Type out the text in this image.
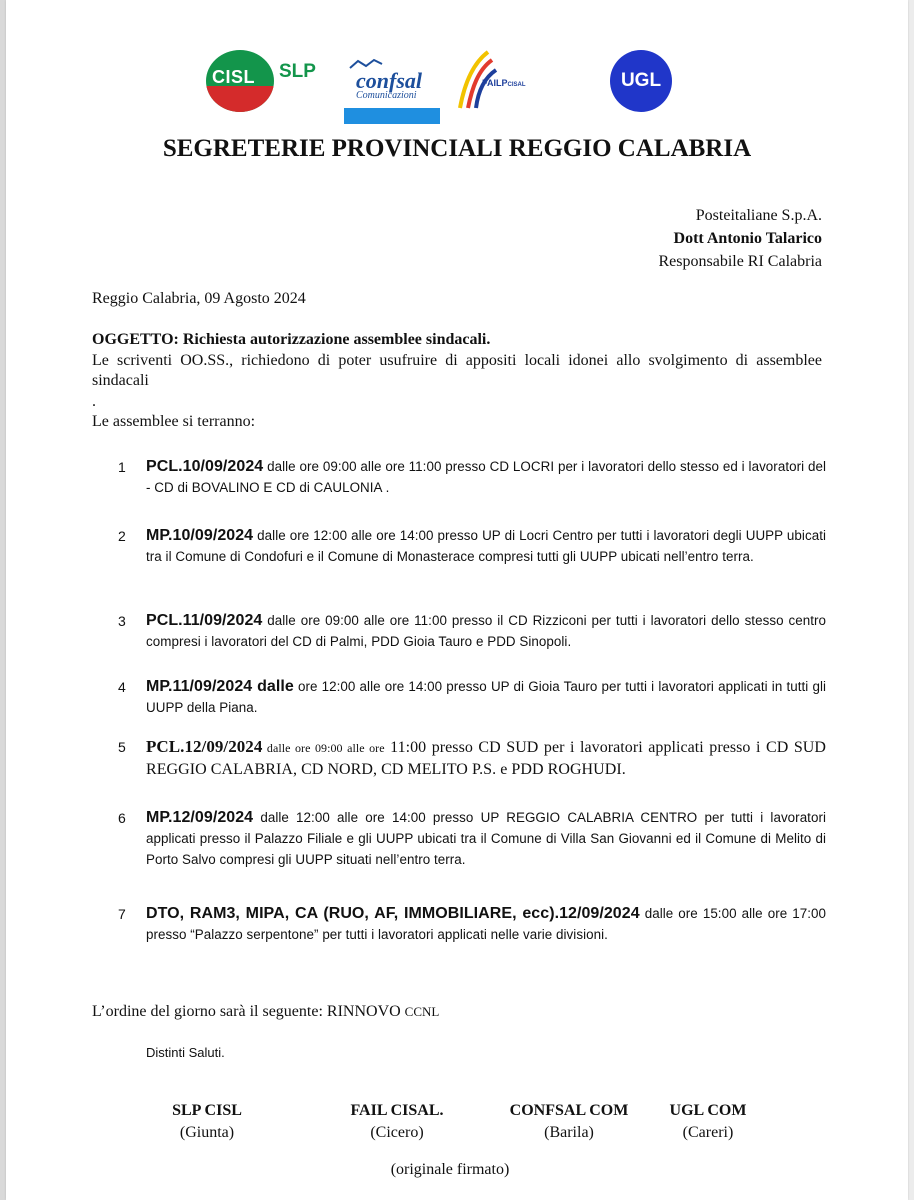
CISL SLP confsal
Comunicazioni
FAILPCISAL	UGL
SEGRETERIE PROVINCIALI REGGIO CALABRIA
Posteitaliane S.p.A.
Dott Antonio Talarico
Responsabile RI Calabria
Reggio Calabria, 09 Agosto 2024
OGGETTO: Richiesta autorizzazione assemblee sindacali.
Le scriventi OO.SS., richiedono di poter usufruire di appositi locali idonei allo svolgimento di assemblee sindacali
.
Le assemblee si terranno:
1 PCL.10/09/2024 dalle ore 09:00 alle ore 11:00 presso CD LOCRI per i lavoratori dello stesso ed i lavoratori del - CD di BOVALINO E CD di CAULONIA .
2 MP.10/09/2024 dalle ore 12:00 alle ore 14:00 presso UP di Locri Centro per tutti i lavoratori degli UUPP ubicati tra il Comune di Condofuri e il Comune di Monasterace compresi tutti gli UUPP ubicati nell’entro terra.
3 PCL.11/09/2024 dalle ore 09:00 alle ore 11:00 presso il CD Rizziconi per tutti i lavoratori dello stesso centro compresi i lavoratori del CD di Palmi, PDD Gioia Tauro e PDD Sinopoli.
4 MP.11/09/2024 dalle ore 12:00 alle ore 14:00 presso UP di Gioia Tauro per tutti i lavoratori applicati in tutti gli UUPP della Piana.
5 PCL.12/09/2024 dalle ore 09:00 alle ore 11:00 presso CD SUD per i lavoratori applicati presso i CD SUD REGGIO CALABRIA, CD NORD, CD MELITO P.S. e PDD ROGHUDI.
6 MP.12/09/2024 dalle 12:00 alle ore 14:00 presso UP REGGIO CALABRIA CENTRO per tutti i lavoratori applicati presso il Palazzo Filiale e gli UUPP ubicati tra il Comune di Villa San Giovanni ed il Comune di Melito di Porto Salvo compresi gli UUPP situati nell’entro terra.
7 DTO, RAM3, MIPA, CA (RUO, AF, IMMOBILIARE, ecc).12/09/2024 dalle ore 15:00 alle ore 17:00 presso “Palazzo serpentone” per tutti i lavoratori applicati nelle varie divisioni.
L’ordine del giorno sarà il seguente: RINNOVO CCNL
Distinti Saluti.
SLP CISL
(Giunta)
FAIL CISAL.
(Cicero)
CONFSAL COM
(Barila)
UGL COM
(Careri)
(originale firmato)
